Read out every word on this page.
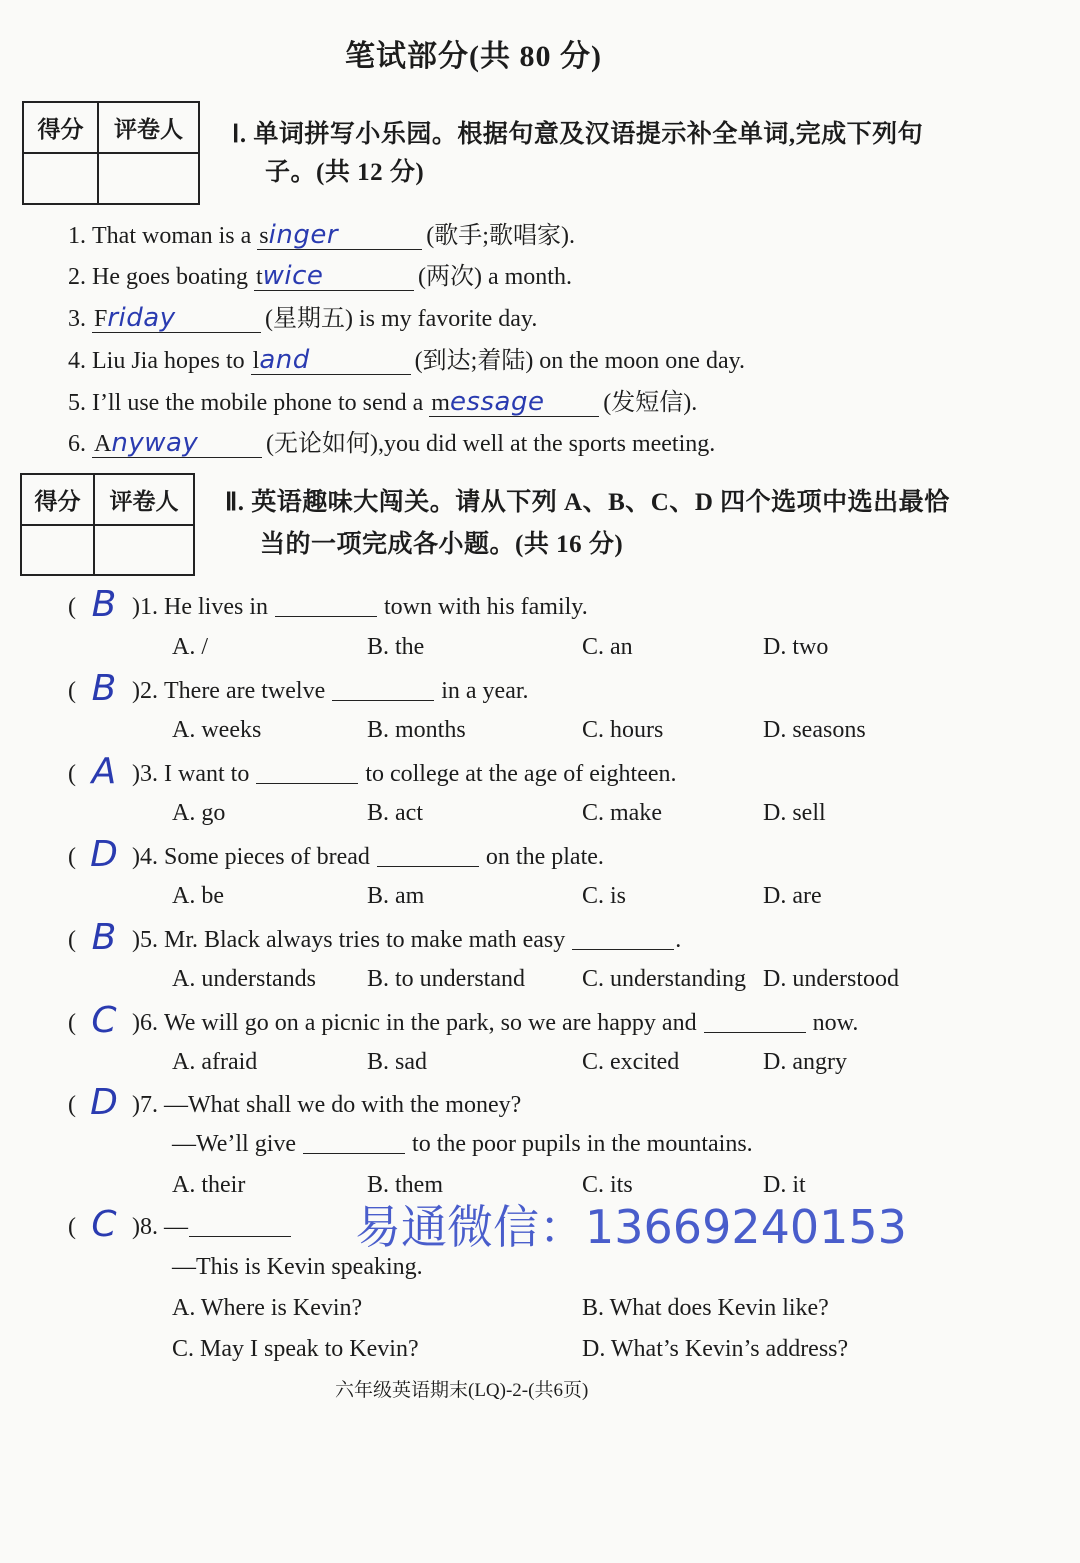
笔试部分(共 80 分)
得分	评卷人	Ⅰ. 单词拼写小乐园。根据句意及汉语提示补全单词,完成下列句
子。(共 12 分)
1. That woman is a singer	(歌手;歌唱家).
2. He goes boating twice	(两次) a month.
3. Friday	(星期五) is my favorite day.
4. Liu Jia hopes to land	(到达;着陆) on the moon one day.
5. I’ll use the mobile phone to send a message (发短信).
6. Anyway	(无论如何),you did well at the sports meeting.
得分	评卷人	Ⅱ. 英语趣味大闯关。请从下列 A、B、C、D 四个选项中选出最恰
当的一项完成各小题。(共 16 分)
( B )1. He lives in	town with his family.
A. /	B. the	C. an	D. two
( B )2. There are twelve	in a year.
A. weeks	B. months	C. hours	D. seasons
( A )3. I want to	to college at the age of eighteen.
A. go	B. act	C. make	D. sell
( D )4. Some pieces of bread	on the plate.
A. be	B. am	C. is	D. are
( B )5. Mr. Black always tries to make math easy	.
A. understands B. to understand C. understanding D. understood
( C )6. We will go on a picnic in the park, so we are happy and	now.
A. afraid	B. sad	C. excited	D. angry
( D )7. —What shall we do with the money?
—We’ll give	to the poor pupils in the mountains.
A. their	B. them	C. its	D. it
( C )8. —
—This is Kevin speaking.
A. Where is Kevin?	B. What does Kevin like?
C. May I speak to Kevin?	D. What’s Kevin’s address?
易通微信：13669240153
六年级英语期末(LQ)-2-(共6页)
